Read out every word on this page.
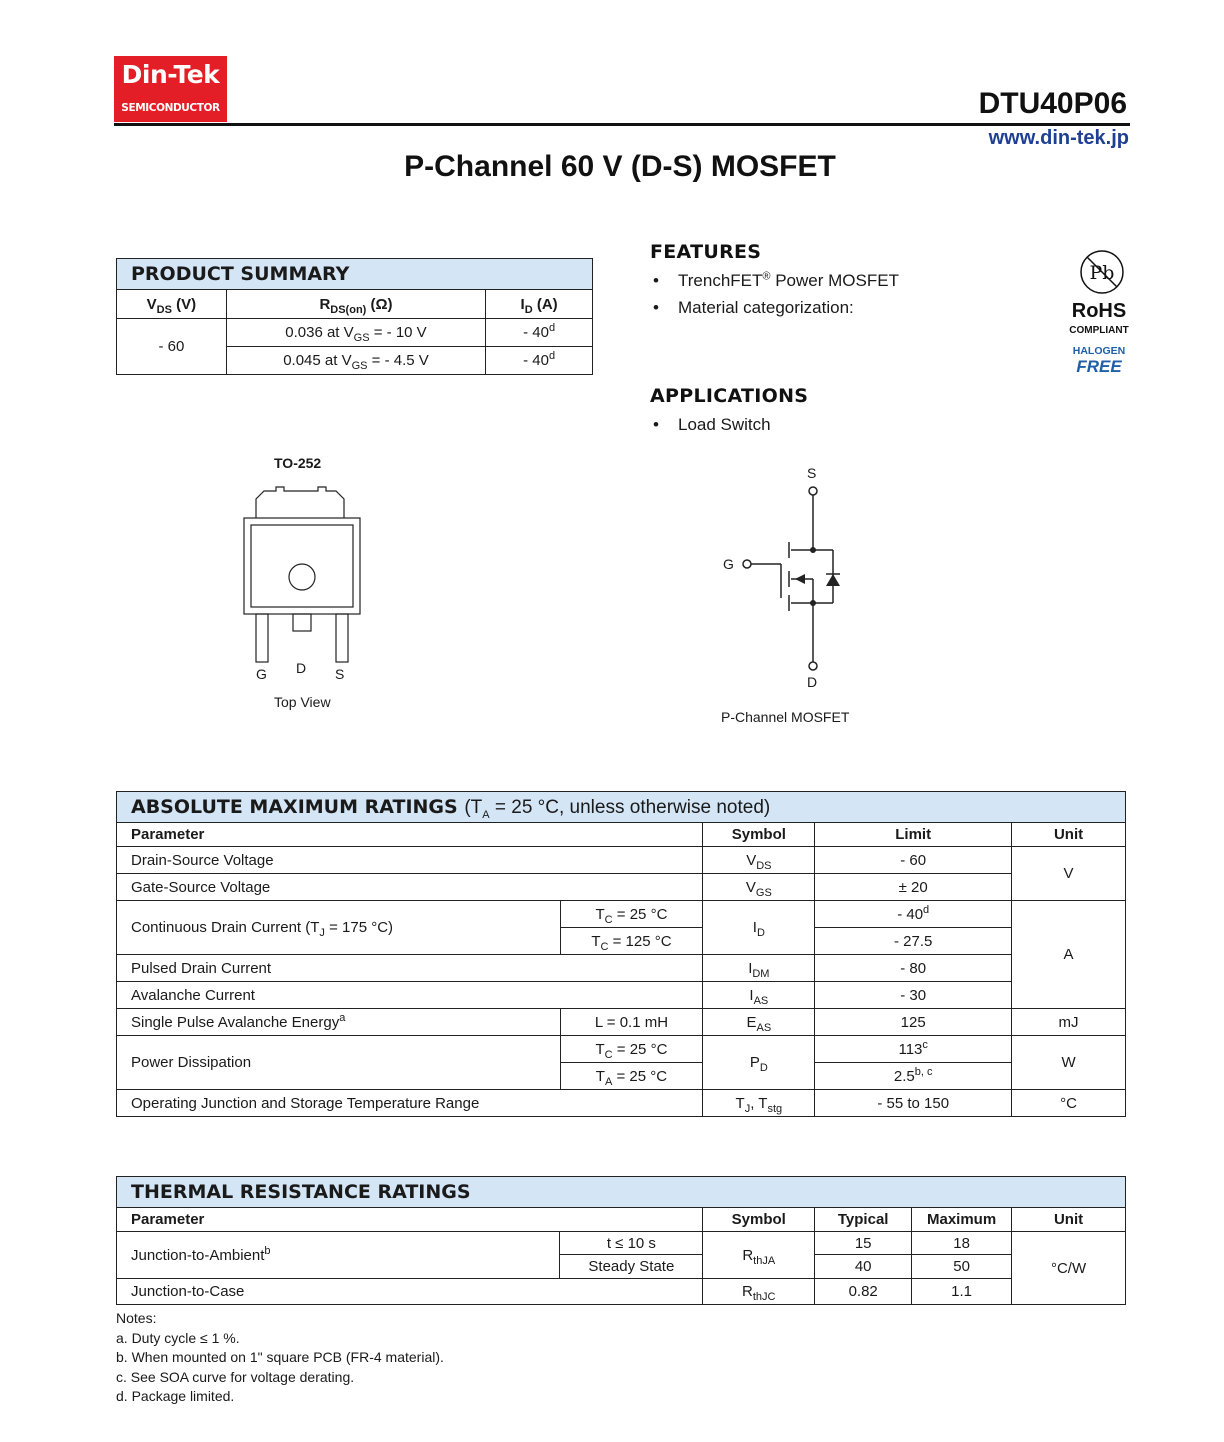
Din-Tek
SEMICONDUCTOR	DTU40P06
www.din-tek.jp
P-Channel 60 V (D-S) MOSFET
PRODUCT SUMMARY		
$V_{DS}$ (V)	$R_{DS(on)}$ (Ω)	$I_D$ (A)
- 60	0.036 at $V_{GS}$ = - 10 V	- 40$^d$
	0.045 at $V_{GS}$ = - 4.5 V	- 40$^d$
FEATURES
• TrenchFET® Power MOSFET
• Material categorization:
Pb
RoHS
COMPLIANT
HALOGEN
FREE
APPLICATIONS
• Load Switch
TO-252
G D S
Top View
S
G
D
P-Channel MOSFET
ABSOLUTE MAXIMUM RATINGS ($T_A = 25$ °C, unless otherwise noted)				
Parameter		Symbol	Limit	Unit
Drain-Source Voltage		$V_{DS}$	- 60	V
Gate-Source Voltage		$V_{GS}$	± 20	
Continuous Drain Current ($T_J = 175$ °C)	$T_C = 25$ °C	$I_D$	- 40$^d$	A
	$T_C = 125$ °C		- 27.5	
Pulsed Drain Current		$I_{DM}$	- 80	
Avalanche Current		$I_{AS}$	- 30	
Single Pulse Avalanche Energy$^a$	L = 0.1 mH	$E_{AS}$	125	mJ
Power Dissipation	$T_C = 25$ °C	$P_D$	113$^c$	W
	$T_A = 25$ °C		2.5$^{b, c}$
Operating Junction and Storage Temperature Range		$T_J$, $T_{stg}$	- 55 to 150	°C
THERMAL RESISTANCE RATINGS					
Parameter		Symbol	Typical	Maximum	Unit
Junction-to-Ambient$^b$	t ≤ 10 s	$R_{thJA}$	15	18	°C/W
	Steady State		40	50	
Junction-to-Case		$R_{thJC}$	0.82	1.1	
Notes:
a. Duty cycle ≤ 1 %.
b. When mounted on 1" square PCB (FR-4 material).
c. See SOA curve for voltage derating.
d. Package limited.
